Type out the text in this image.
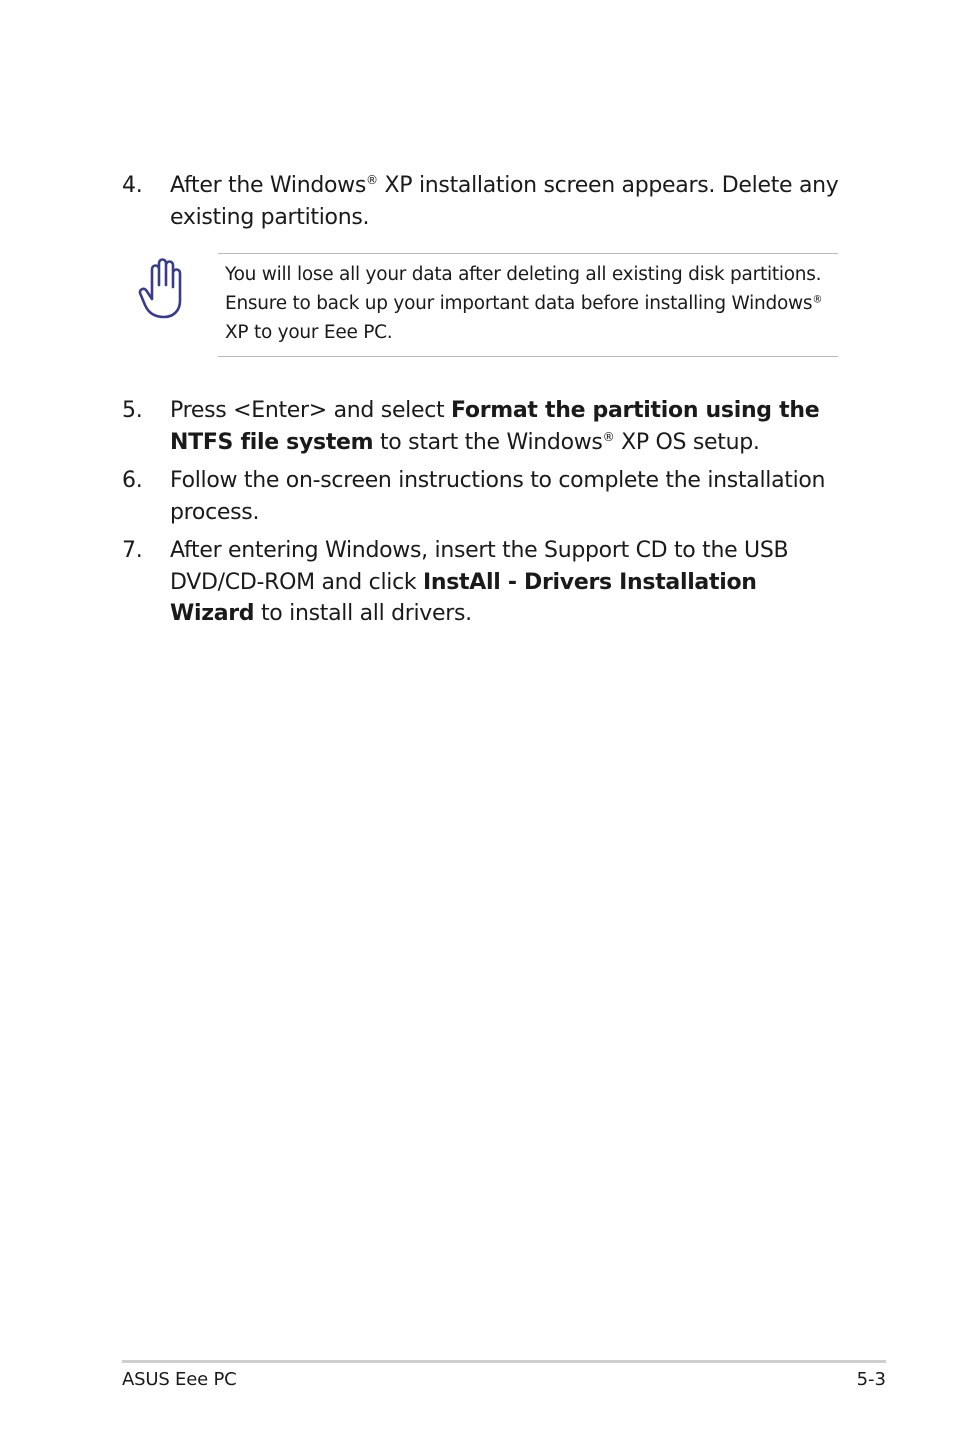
4. After the Windows® XP installation screen appears. Delete any existing partitions.
You will lose all your data after deleting all existing disk partitions. Ensure to back up your important data before installing Windows® XP to your Eee PC.
5. Press <Enter> and select Format the partition using the NTFS file system to start the Windows® XP OS setup.
6. Follow the on-screen instructions to complete the installation process.
7. After entering Windows, insert the Support CD to the USB DVD/CD-ROM and click InstAll - Drivers Installation Wizard to install all drivers.
ASUS Eee PC	5-3
